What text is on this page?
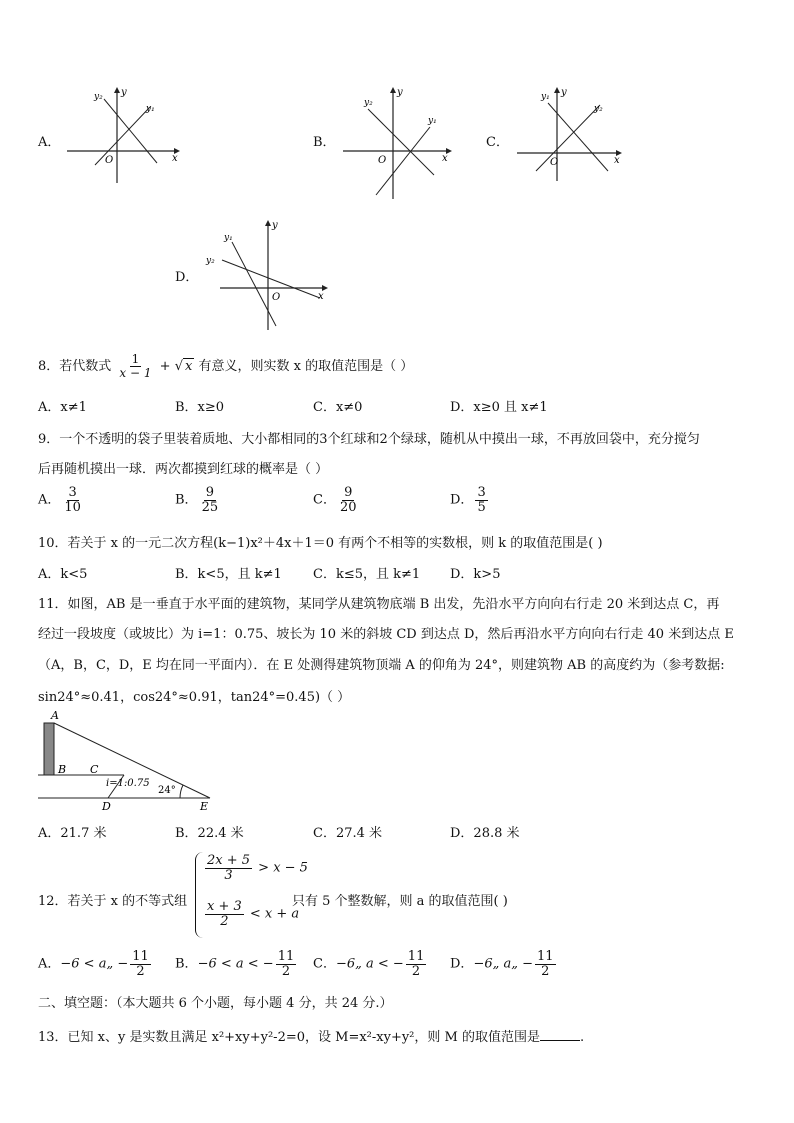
A．
y
x
O
y₂
y₁
B．
y
x
O
y₂
y₁
C．
y
x
O
y₁
y₂
D．
y
x
O
y₁
y₂
8．若代数式 $\frac{1}{x - 1}$ + √ x 有意义，则实数 x 的取值范围是（ ）
A．x≠1	B．x≥0	C．x≠0	D．x≥0 且 x≠1
9．一个不透明的袋子里装着质地、大小都相同的3个红球和2个绿球，随机从中摸出一球，不再放回袋中，充分搅匀
后再随机摸出一球．两次都摸到红球的概率是（ ）
A． $\frac{3}{10}$	B． $\frac{9}{25}$	C． $\frac{9}{20}$	D． $\frac{3}{5}$
10．若关于 x 的一元二次方程(k−1)x²＋4x＋1＝0 有两个不相等的实数根，则 k 的取值范围是( )
A．k<5	B．k<5，且 k≠1 C．k≤5，且 k≠1 D．k>5
11．如图，AB 是一垂直于水平面的建筑物，某同学从建筑物底端 B 出发，先沿水平方向向右行走 20 米到达点 C，再
经过一段坡度（或坡比）为 i=1：0.75、坡长为 10 米的斜坡 CD 到达点 D，然后再沿水平方向向右行走 40 米到达点 E
（A，B，C，D，E 均在同一平面内）．在 E 处测得建筑物顶端 A 的仰角为 24°，则建筑物 AB 的高度约为（参考数据:
sin24°≈0.41，cos24°≈0.91，tan24°=0.45)（ ）
A
B C
D	E
i=1:0.75
24°
A．21.7 米	B．22.4 米	C．27.4 米	D．28.8 米
12．若关于 x 的不等式组
$\frac{2x + 5}{3} > x - 5$
$\frac{x + 3}{2} < x + a$
只有 5 个整数解，则 a 的取值范围( )
A．−6 < a„ − $\frac{11}{2}$ B．−6 < a < − $\frac{11}{2}$ C．−6„ a < − $\frac{11}{2}$ D．−6„ a„ − $\frac{11}{2}$
二、填空题：（本大题共 6 个小题，每小题 4 分，共 24 分.）
13．已知 x、y 是实数且满足 x²+xy+y²-2=0，设 M=x²-xy+y²，则 M 的取值范围是	.
